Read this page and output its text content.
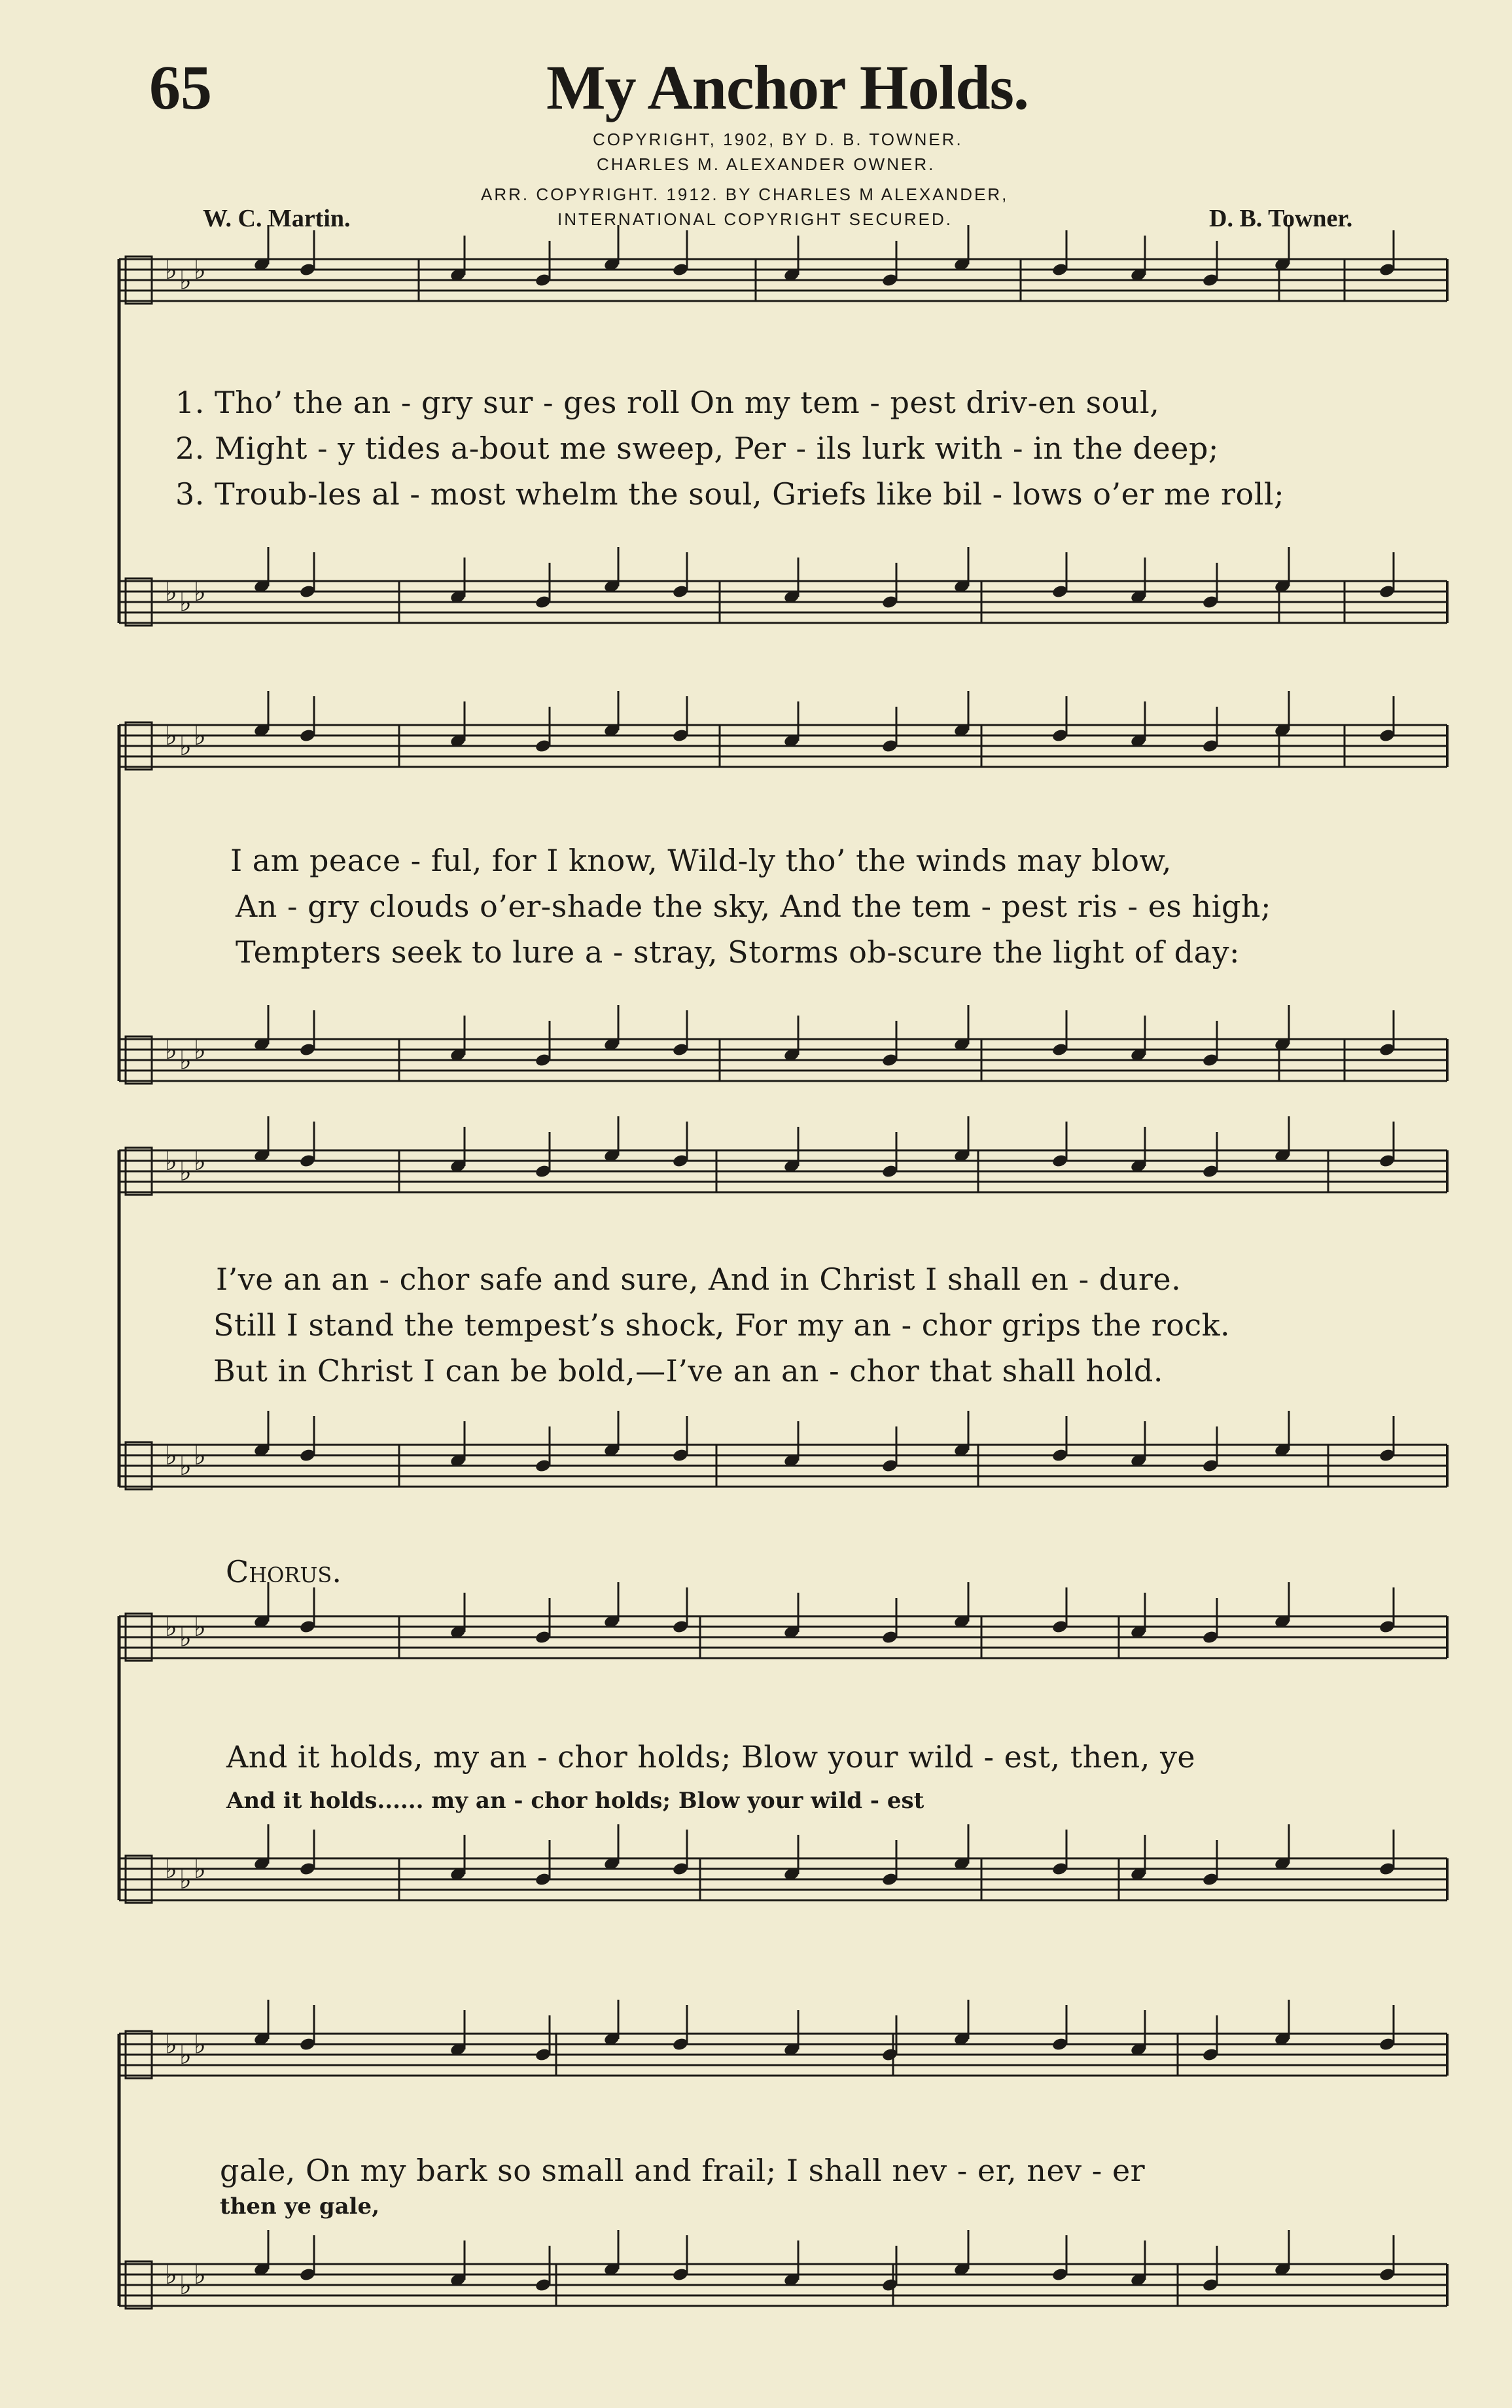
65	My Anchor Holds.
COPYRIGHT, 1902, BY D. B. TOWNER.
CHARLES M. ALEXANDER OWNER.
ARR. COPYRIGHT. 1912. BY CHARLES M ALEXANDER,
INTERNATIONAL COPYRIGHT SECURED.
W. C. Martin.	D. B. Towner.
1. Tho’ the an - gry sur - ges roll On my tem - pest driv-en soul,
2. Might - y tides a-bout me sweep, Per - ils lurk with - in the deep;
3. Troub-les al - most whelm the soul, Griefs like bil - lows o’er me roll;
I am peace - ful, for I know, Wild-ly tho’ the winds may blow,
An - gry clouds o’er-shade the sky, And the tem - pest ris - es high;
Tempters seek to lure a - stray, Storms ob-scure the light of day:
I’ve an an - chor safe and sure, And in Christ I shall en - dure.
Still I stand the tempest’s shock, For my an - chor grips the rock.
But in Christ I can be bold,—I’ve an an - chor that shall hold.
Chorus.
And it holds, my an - chor holds; Blow your wild - est, then, ye
And it holds...... my an - chor holds; Blow your wild - est
gale, On my bark so small and frail; I shall nev - er, nev - er
then ye gale,
♭ ♭ ♭
♭ ♭ ♭
♭ ♭ ♭
♭ ♭ ♭
♭ ♭ ♭
♭ ♭ ♭
♭ ♭ ♭
♭ ♭ ♭
♭ ♭ ♭
♭ ♭ ♭
